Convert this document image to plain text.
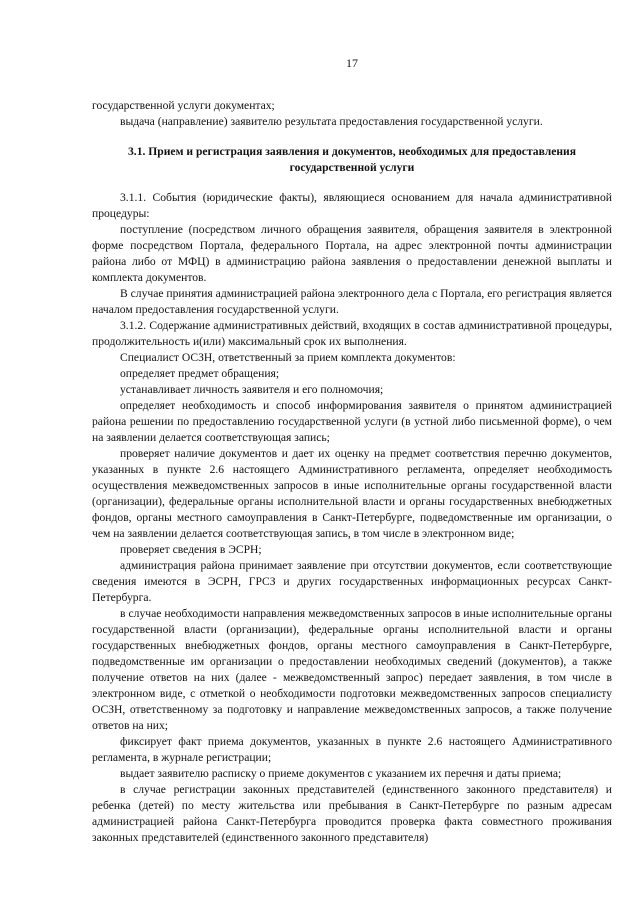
17

государственной услуги документах;

выдача (направление) заявителю результата предоставления государственной услуги.

3.1. Прием и регистрация заявления и документов, необходимых для предоставления государственной услуги

3.1.1. События (юридические факты), являющиеся основанием для начала административной процедуры:

поступление (посредством личного обращения заявителя, обращения заявителя в электронной форме посредством Портала, федерального Портала, на адрес электронной почты администрации района либо от МФЦ) в администрацию района заявления о предоставлении денежной выплаты и комплекта документов.

В случае принятия администрацией района электронного дела с Портала, его регистрация является началом предоставления государственной услуги.

3.1.2. Содержание административных действий, входящих в состав административной процедуры, продолжительность и(или) максимальный срок их выполнения.

Специалист ОСЗН, ответственный за прием комплекта документов:

определяет предмет обращения;

устанавливает личность заявителя и его полномочия;

определяет необходимость и способ информирования заявителя о принятом администрацией района решении по предоставлению государственной услуги (в устной либо письменной форме), о чем на заявлении делается соответствующая запись;

проверяет наличие документов и дает их оценку на предмет соответствия перечню документов, указанных в пункте 2.6 настоящего Административного регламента, определяет необходимость осуществления межведомственных запросов в иные исполнительные органы государственной власти (организации), федеральные органы исполнительной власти и органы государственных внебюджетных фондов, органы местного самоуправления в Санкт-Петербурге, подведомственные им организации, о чем на заявлении делается соответствующая запись, в том числе в электронном виде;

проверяет сведения в ЭСРН;

администрация района принимает заявление при отсутствии документов, если соответствующие сведения имеются в ЭСРН, ГРСЗ и других государственных информационных ресурсах Санкт-Петербурга.

в случае необходимости направления межведомственных запросов в иные исполнительные органы государственной власти (организации), федеральные органы исполнительной власти и органы государственных внебюджетных фондов, органы местного самоуправления в Санкт-Петербурге, подведомственные им организации о предоставлении необходимых сведений (документов), а также получение ответов на них (далее - межведомственный запрос) передает заявления, в том числе в электронном виде, с отметкой о необходимости подготовки межведомственных запросов специалисту ОСЗН, ответственному за подготовку и направление межведомственных запросов, а также получение ответов на них;

фиксирует факт приема документов, указанных в пункте 2.6 настоящего Административного регламента, в журнале регистрации;

выдает заявителю расписку о приеме документов с указанием их перечня и даты приема;

в случае регистрации законных представителей (единственного законного представителя) и ребенка (детей) по месту жительства или пребывания в Санкт-Петербурге по разным адресам администрацией района Санкт-Петербурга проводится проверка факта совместного проживания законных представителей (единственного законного представителя)
